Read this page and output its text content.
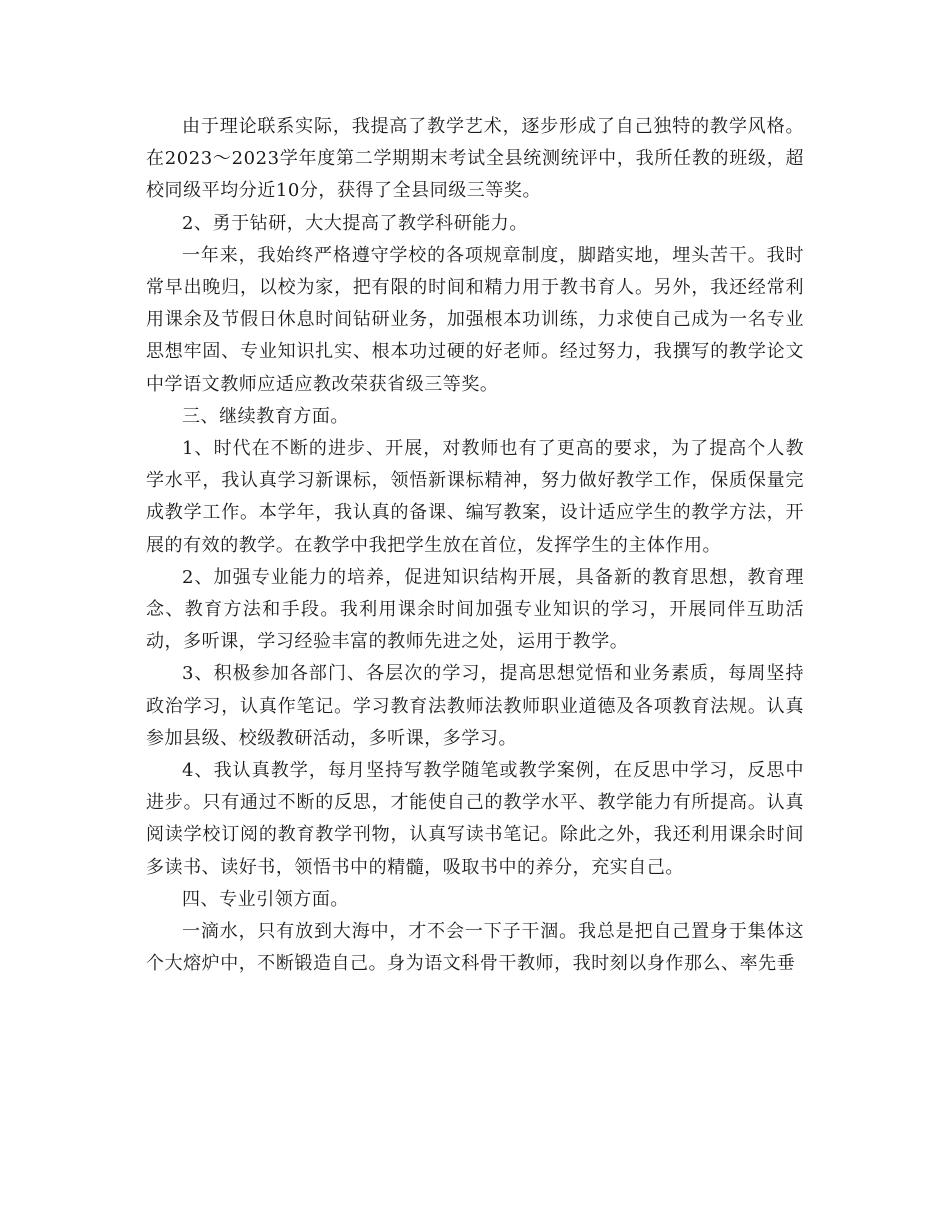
由于理论联系实际，我提高了教学艺术，逐步形成了自己独特的教学风格。在2023～2023学年度第二学期期末考试全县统测统评中，我所任教的班级，超校同级平均分近10分，获得了全县同级三等奖。

2、勇于钻研，大大提高了教学科研能力。

一年来，我始终严格遵守学校的各项规章制度，脚踏实地，埋头苦干。我时常早出晚归，以校为家，把有限的时间和精力用于教书育人。另外，我还经常利用课余及节假日休息时间钻研业务，加强根本功训练，力求使自己成为一名专业思想牢固、专业知识扎实、根本功过硬的好老师。经过努力，我撰写的教学论文中学语文教师应适应教改荣获省级三等奖。

三、继续教育方面。

1、时代在不断的进步、开展，对教师也有了更高的要求，为了提高个人教学水平，我认真学习新课标，领悟新课标精神，努力做好教学工作，保质保量完成教学工作。本学年，我认真的备课、编写教案，设计适应学生的教学方法，开展的有效的教学。在教学中我把学生放在首位，发挥学生的主体作用。

2、加强专业能力的培养，促进知识结构开展，具备新的教育思想，教育理念、教育方法和手段。我利用课余时间加强专业知识的学习，开展同伴互助活动，多听课，学习经验丰富的教师先进之处，运用于教学。

3、积极参加各部门、各层次的学习，提高思想觉悟和业务素质，每周坚持政治学习，认真作笔记。学习教育法教师法教师职业道德及各项教育法规。认真参加县级、校级教研活动，多听课，多学习。

4、我认真教学，每月坚持写教学随笔或教学案例，在反思中学习，反思中进步。只有通过不断的反思，才能使自己的教学水平、教学能力有所提高。认真阅读学校订阅的教育教学刊物，认真写读书笔记。除此之外，我还利用课余时间多读书、读好书，领悟书中的精髓，吸取书中的养分，充实自己。

四、专业引领方面。

一滴水，只有放到大海中，才不会一下子干涸。我总是把自己置身于集体这个大熔炉中，不断锻造自己。身为语文科骨干教师，我时刻以身作那么、率先垂
